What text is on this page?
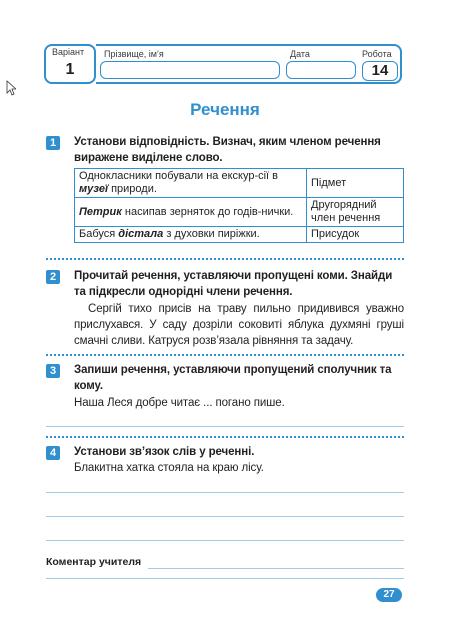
Варіант
1
Прізвище, ім’я	Дата	Робота
14
Речення
1	Установи відповідність. Визнач, яким членом речення виражене виділене слово.
Однокласники побували на екскур-сії в музеї природи.	Підмет
Петрик насипав зерняток до годів-нички.	Другорядний член речення
Бабуся дістала з духовки пиріжки.	Присудок
2	Прочитай речення, уставляючи пропущені коми. Знайди та підкресли однорідні члени речення.
Сергій тихо присів на траву пильно придивився уважно прислухався. У саду дозріли соковиті яблука духмяні груші смачні сливи. Катруся розв’язала рівняння та задачу.
3	Запиши речення, уставляючи пропущений сполучник та кому.
Наша Леся добре читає ... погано пише.
4	Установи зв’язок слів у реченні.
Блакитна хатка стояла на краю лісу.
Коментар учителя
27
